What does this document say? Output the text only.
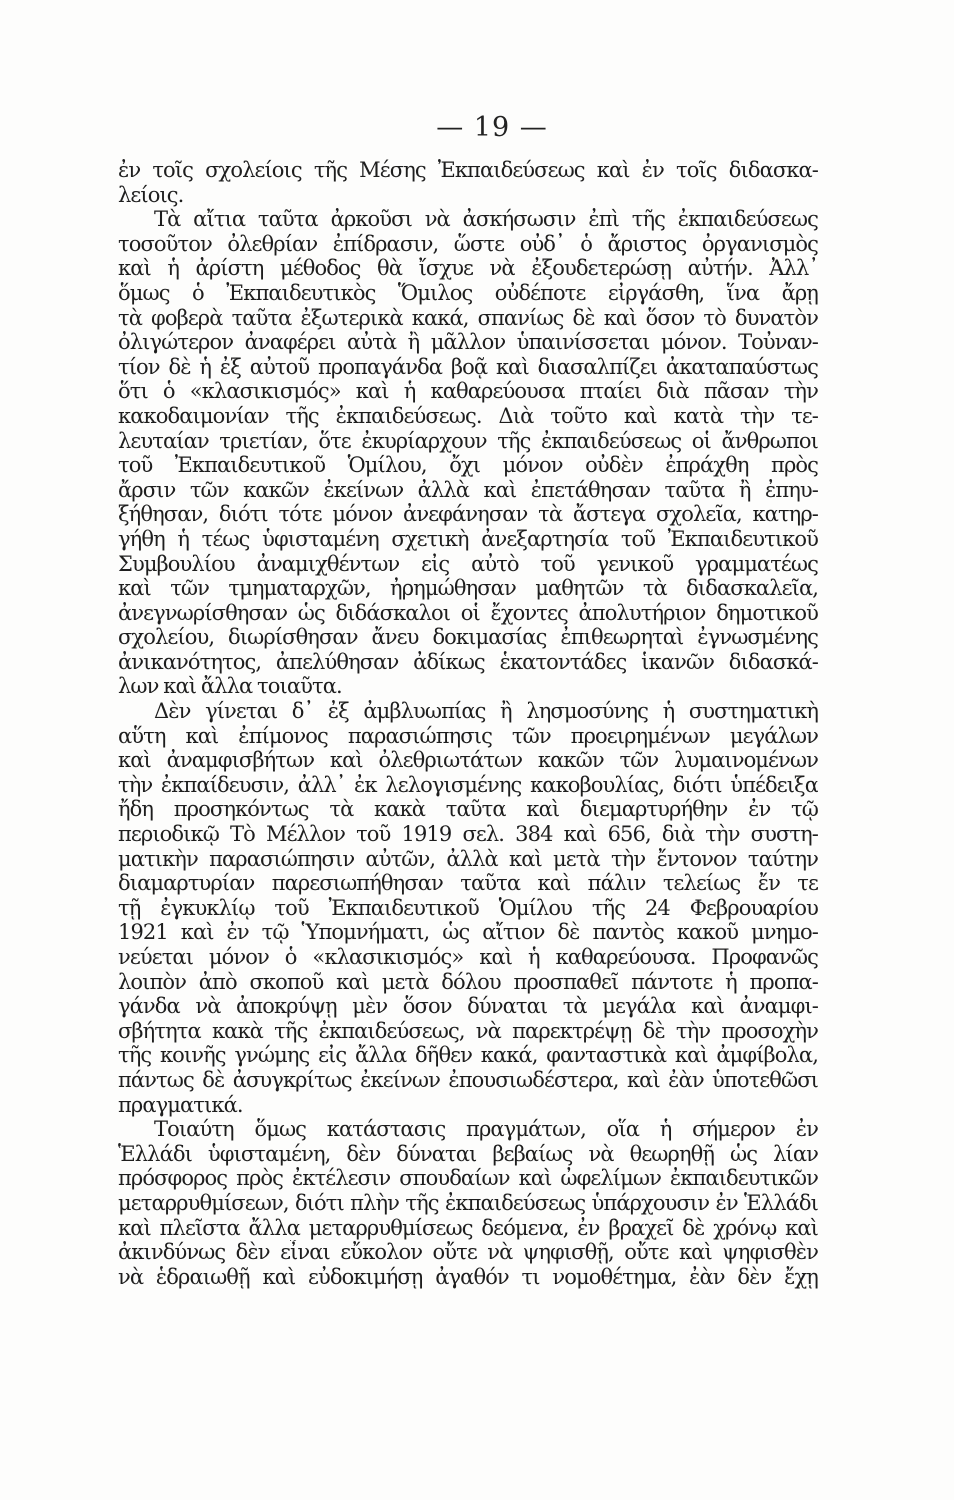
— 19 —
ἐν τοῖς σχολείοις τῆς Μέσης Ἐκπαιδεύσεως καὶ ἐν τοῖς διδασκα-
λείοις.
Τὰ αἴτια ταῦτα ἀρκοῦσι νὰ ἀσκήσωσιν ἐπὶ τῆς ἐκπαιδεύσεως
τοσοῦτον ὀλεθρίαν ἐπίδρασιν, ὥστε οὐδ᾽ ὁ ἄριστος ὀργανισμὸς
καὶ ἡ ἀρίστη μέθοδος θὰ ἴσχυε νὰ ἐξουδετερώσῃ αὐτήν. Ἀλλ᾽
ὅμως ὁ Ἐκπαιδευτικὸς Ὅμιλος οὐδέποτε εἰργάσθη, ἵνα ἄρῃ
τὰ φοβερὰ ταῦτα ἐξωτερικὰ κακά, σπανίως δὲ καὶ ὅσον τὸ δυνατὸν
ὀλιγώτερον ἀναφέρει αὐτὰ ἢ μᾶλλον ὑπαινίσσεται μόνον. Τοὐναν-
τίον δὲ ἡ ἐξ αὐτοῦ προπαγάνδα βοᾷ καὶ διασαλπίζει ἀκαταπαύστως
ὅτι ὁ «κλασικισμός» καὶ ἡ καθαρεύουσα πταίει διὰ πᾶσαν τὴν
κακοδαιμονίαν τῆς ἐκπαιδεύσεως. Διὰ τοῦτο καὶ κατὰ τὴν τε-
λευταίαν τριετίαν, ὅτε ἐκυρίαρχουν τῆς ἐκπαιδεύσεως οἱ ἄνθρωποι
τοῦ Ἐκπαιδευτικοῦ Ὁμίλου, ὄχι μόνον οὐδὲν ἐπράχθη πρὸς
ἄρσιν τῶν κακῶν ἐκείνων ἀλλὰ καὶ ἐπετάθησαν ταῦτα ἢ ἐπηυ-
ξήθησαν, διότι τότε μόνον ἀνεφάνησαν τὰ ἄστεγα σχολεῖα, κατηρ-
γήθη ἡ τέως ὑφισταμένη σχετικὴ ἀνεξαρτησία τοῦ Ἐκπαιδευτικοῦ
Συμβουλίου ἀναμιχθέντων εἰς αὐτὸ τοῦ γενικοῦ γραμματέως
καὶ τῶν τμηματαρχῶν, ἠρημώθησαν μαθητῶν τὰ διδασκαλεῖα,
ἀνεγνωρίσθησαν ὡς διδάσκαλοι οἱ ἔχοντες ἀπολυτήριον δημοτικοῦ
σχολείου, διωρίσθησαν ἄνευ δοκιμασίας ἐπιθεωρηταὶ ἐγνωσμένης
ἀνικανότητος, ἀπελύθησαν ἀδίκως ἑκατοντάδες ἱκανῶν διδασκά-
λων καὶ ἄλλα τοιαῦτα.
Δὲν γίνεται δ᾽ ἐξ ἀμβλυωπίας ἢ λησμοσύνης ἡ συστηματικὴ
αὕτη καὶ ἐπίμονος παρασιώπησις τῶν προειρημένων μεγάλων
καὶ ἀναμφισβήτων καὶ ὀλεθριωτάτων κακῶν τῶν λυμαινομένων
τὴν ἐκπαίδευσιν, ἀλλ᾽ ἐκ λελογισμένης κακοβουλίας, διότι ὑπέδειξα
ἤδη προσηκόντως τὰ κακὰ ταῦτα καὶ διεμαρτυρήθην ἐν τῷ
περιοδικῷ Τὸ Μέλλον τοῦ 1919 σελ. 384 καὶ 656, διὰ τὴν συστη-
ματικὴν παρασιώπησιν αὐτῶν, ἀλλὰ καὶ μετὰ τὴν ἔντονον ταύτην
διαμαρτυρίαν παρεσιωπήθησαν ταῦτα καὶ πάλιν τελείως ἔν τε
τῇ ἐγκυκλίῳ τοῦ Ἐκπαιδευτικοῦ Ὁμίλου τῆς 24 Φεβρουαρίου
1921 καὶ ἐν τῷ Ὑπομνήματι, ὡς αἴτιον δὲ παντὸς κακοῦ μνημο-
νεύεται μόνον ὁ «κλασικισμός» καὶ ἡ καθαρεύουσα. Προφανῶς
λοιπὸν ἀπὸ σκοποῦ καὶ μετὰ δόλου προσπαθεῖ πάντοτε ἡ προπα-
γάνδα νὰ ἀποκρύψῃ μὲν ὅσον δύναται τὰ μεγάλα καὶ ἀναμφι-
σβήτητα κακὰ τῆς ἐκπαιδεύσεως, νὰ παρεκτρέψῃ δὲ τὴν προσοχὴν
τῆς κοινῆς γνώμης εἰς ἄλλα δῆθεν κακά, φανταστικὰ καὶ ἀμφίβολα,
πάντως δὲ ἀσυγκρίτως ἐκείνων ἐπουσιωδέστερα, καὶ ἐὰν ὑποτεθῶσι
πραγματικά.
Τοιαύτη ὅμως κατάστασις πραγμάτων, οἵα ἡ σήμερον ἐν
Ἑλλάδι ὑφισταμένη, δὲν δύναται βεβαίως νὰ θεωρηθῇ ὡς λίαν
πρόσφορος πρὸς ἐκτέλεσιν σπουδαίων καὶ ὠφελίμων ἐκπαιδευτικῶν
μεταρρυθμίσεων, διότι πλὴν τῆς ἐκπαιδεύσεως ὑπάρχουσιν ἐν Ἑλλάδι
καὶ πλεῖστα ἄλλα μεταρρυθμίσεως δεόμενα, ἐν βραχεῖ δὲ χρόνῳ καὶ
ἀκινδύνως δὲν εἶναι εὔκολον οὔτε νὰ ψηφισθῇ, οὔτε καὶ ψηφισθὲν
νὰ ἑδραιωθῇ καὶ εὐδοκιμήσῃ ἀγαθόν τι νομοθέτημα, ἐὰν δὲν ἔχῃ
